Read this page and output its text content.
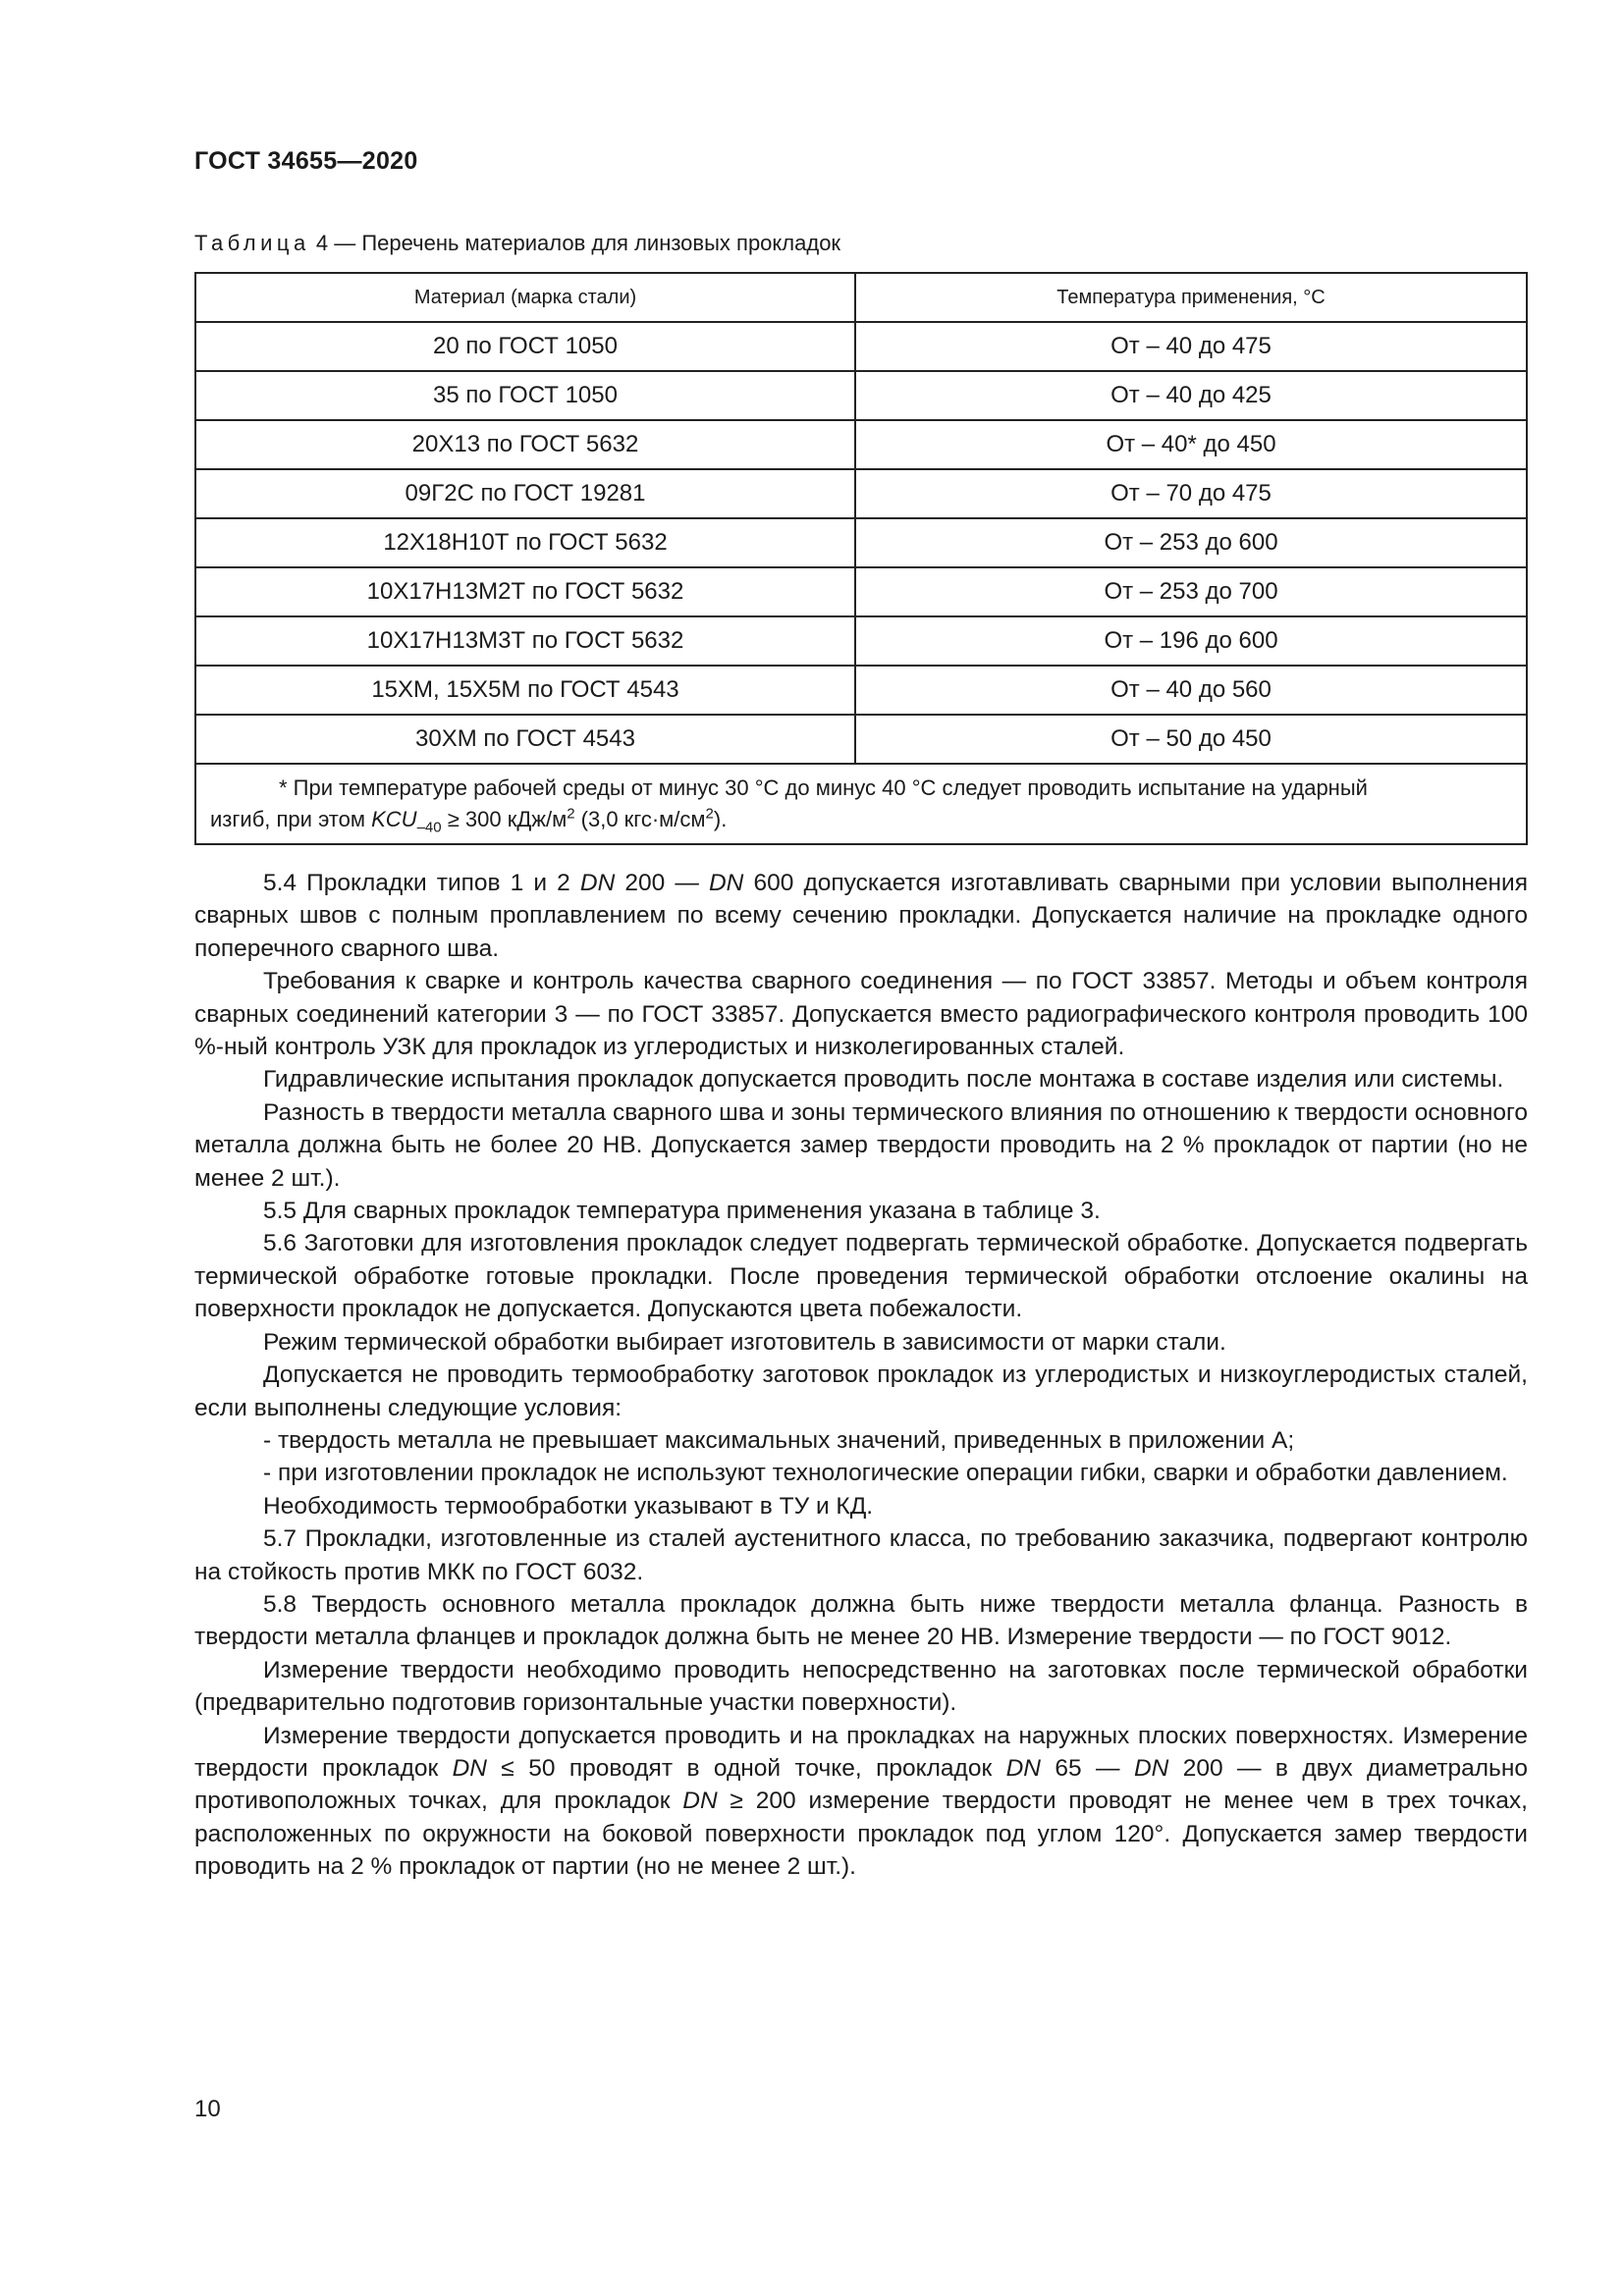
ГОСТ 34655—2020
Таблица 4 — Перечень материалов для линзовых прокладок
Материал (марка стали)	Температура применения, °С
20 по ГОСТ 1050	От – 40 до 475
35 по ГОСТ 1050	От – 40 до 425
20Х13 по ГОСТ 5632	От – 40* до 450
09Г2С по ГОСТ 19281	От – 70 до 475
12Х18Н10Т по ГОСТ 5632	От – 253 до 600
10Х17Н13М2Т по ГОСТ 5632	От – 253 до 700
10Х17Н13М3Т по ГОСТ 5632	От – 196 до 600
15ХМ, 15Х5М по ГОСТ 4543	От – 40 до 560
30ХМ по ГОСТ 4543	От – 50 до 450

* При температуре рабочей среды от минус 30 °С до минус 40 °С следует проводить испытание на ударный
изгиб, при этом $KCU_{-40} \ge 300$ кДж/$м^2$ (3,0 $кгс\cdot м/см^2$).	

5.4 Прокладки типов 1 и 2 DN 200 — DN 600 допускается изготавливать сварными при условии выполнения сварных швов с полным проплавлением по всему сечению прокладки. Допускается наличие на прокладке одного поперечного сварного шва.

Требования к сварке и контроль качества сварного соединения — по ГОСТ 33857. Методы и объем контроля сварных соединений категории 3 — по ГОСТ 33857. Допускается вместо радиографического контроля проводить 100 %-ный контроль УЗК для прокладок из углеродистых и низколегированных сталей.

Гидравлические испытания прокладок допускается проводить после монтажа в составе изделия или системы.

Разность в твердости металла сварного шва и зоны термического влияния по отношению к твердости основного металла должна быть не более 20 НВ. Допускается замер твердости проводить на 2 % прокладок от партии (но не менее 2 шт.).

5.5 Для сварных прокладок температура применения указана в таблице 3.

5.6 Заготовки для изготовления прокладок следует подвергать термической обработке. Допускается подвергать термической обработке готовые прокладки. После проведения термической обработки отслоение окалины на поверхности прокладок не допускается. Допускаются цвета побежалости.

Режим термической обработки выбирает изготовитель в зависимости от марки стали.

Допускается не проводить термообработку заготовок прокладок из углеродистых и низкоуглеродистых сталей, если выполнены следующие условия:

- твердость металла не превышает максимальных значений, приведенных в приложении А;

- при изготовлении прокладок не используют технологические операции гибки, сварки и обработки давлением.

Необходимость термообработки указывают в ТУ и КД.

5.7 Прокладки, изготовленные из сталей аустенитного класса, по требованию заказчика, подвергают контролю на стойкость против МКК по ГОСТ 6032.

5.8 Твердость основного металла прокладок должна быть ниже твердости металла фланца. Разность в твердости металла фланцев и прокладок должна быть не менее 20 НВ. Измерение твердости — по ГОСТ 9012.

Измерение твердости необходимо проводить непосредственно на заготовках после термической обработки (предварительно подготовив горизонтальные участки поверхности).

Измерение твердости допускается проводить и на прокладках на наружных плоских поверхностях. Измерение твердости прокладок DN ≤ 50 проводят в одной точке, прокладок DN 65 — DN 200 — в двух диаметрально противоположных точках, для прокладок DN ≥ 200 измерение твердости проводят не менее чем в трех точках, расположенных по окружности на боковой поверхности прокладок под углом 120°. Допускается замер твердости проводить на 2 % прокладок от партии (но не менее 2 шт.).

10
